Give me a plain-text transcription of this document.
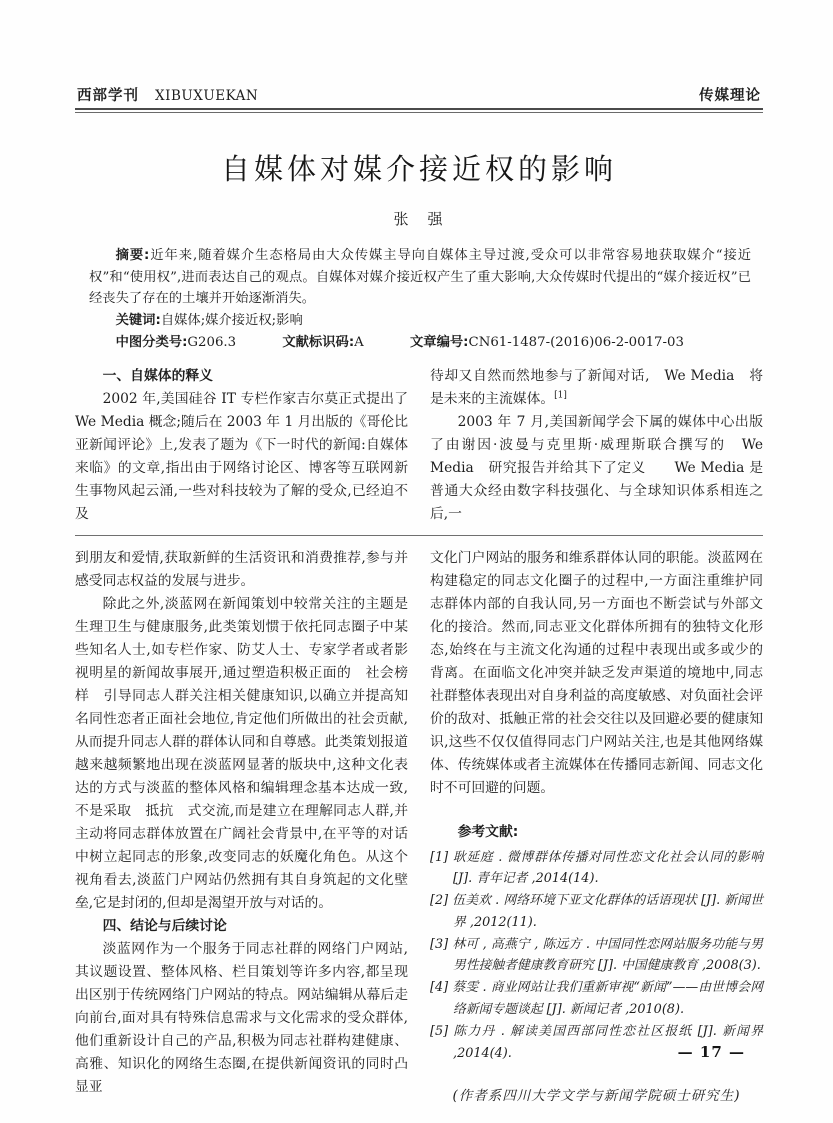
西部学刊 XIBUXUEKAN	传媒理论
自媒体对媒介接近权的影响
张　强

摘要:近年来,随着媒介生态格局由大众传媒主导向自媒体主导过渡,受众可以非常容易地获取媒介“接近权”和“使用权”,进而表达自己的观点。自媒体对媒介接近权产生了重大影响,大众传媒时代提出的“媒介接近权”已经丧失了存在的土壤并开始逐渐消失。

关键词:自媒体;媒介接近权;影响

中图分类号:G206.3	文献标识码:A	文章编号:CN61-1487-(2016)06-2-0017-03

一、自媒体的释义

2002 年,美国硅谷 IT 专栏作家吉尔莫正式提出了 We Media 概念;随后在 2003 年 1 月出版的《哥伦比亚新闻评论》上,发表了题为《下一时代的新闻:自媒体来临》的文章,指出由于网络讨论区、博客等互联网新生事物风起云涌,一些对科技较为了解的受众,已经迫不及

待却又自然而然地参与了新闻对话,　We Media　将是未来的主流媒体。[1]

2003 年 7 月,美国新闻学会下属的媒体中心出版了由谢因·波曼与克里斯·威理斯联合撰写的　We Media　研究报告并给其下了定义　　We Media 是普通大众经由数字科技强化、与全球知识体系相连之后,一

到朋友和爱情,获取新鲜的生活资讯和消费推荐,参与并感受同志权益的发展与进步。

除此之外,淡蓝网在新闻策划中较常关注的主题是生理卫生与健康服务,此类策划惯于依托同志圈子中某些知名人士,如专栏作家、防艾人士、专家学者或者影视明星的新闻故事展开,通过塑造积极正面的　社会榜样　引导同志人群关注相关健康知识,以确立并提高知名同性恋者正面社会地位,肯定他们所做出的社会贡献,从而提升同志人群的群体认同和自尊感。此类策划报道越来越频繁地出现在淡蓝网显著的版块中,这种文化表达的方式与淡蓝的整体风格和编辑理念基本达成一致,不是采取　抵抗　式交流,而是建立在理解同志人群,并主动将同志群体放置在广阔社会背景中,在平等的对话中树立起同志的形象,改变同志的妖魔化角色。从这个视角看去,淡蓝门户网站仍然拥有其自身筑起的文化壁垒,它是封闭的,但却是渴望开放与对话的。

四、结论与后续讨论

淡蓝网作为一个服务于同志社群的网络门户网站,其议题设置、整体风格、栏目策划等许多内容,都呈现出区别于传统网络门户网站的特点。网站编辑从幕后走向前台,面对具有特殊信息需求与文化需求的受众群体,他们重新设计自己的产品,积极为同志社群构建健康、高雅、知识化的网络生态圈,在提供新闻资讯的同时凸显亚

文化门户网站的服务和维系群体认同的职能。淡蓝网在构建稳定的同志文化圈子的过程中,一方面注重维护同志群体内部的自我认同,另一方面也不断尝试与外部文化的接洽。然而,同志亚文化群体所拥有的独特文化形态,始终在与主流文化沟通的过程中表现出或多或少的背离。在面临文化冲突并缺乏发声渠道的境地中,同志社群整体表现出对自身利益的高度敏感、对负面社会评价的敌对、抵触正常的社会交往以及回避必要的健康知识,这些不仅仅值得同志门户网站关注,也是其他网络媒体、传统媒体或者主流媒体在传播同志新闻、同志文化时不可回避的问题。

参考文献:

[1] 耿延庭 . 微博群体传播对同性恋文化社会认同的影响 [J]. 青年记者 ,2014(14).

[2] 伍美欢 . 网络环境下亚文化群体的话语现状 [J]. 新闻世界 ,2012(11).

[3] 林可 , 高燕宁 , 陈远方 . 中国同性恋网站服务功能与男男性接触者健康教育研究 [J]. 中国健康教育 ,2008(3).

[4] 蔡雯 . 商业网站让我们重新审视“新闻”——由世博会网络新闻专题谈起 [J]. 新闻记者 ,2010(8).

[5] 陈力丹 . 解读美国西部同性恋社区报纸 [J]. 新闻界 ,2014(4).

(作者系四川大学文学与新闻学院硕士研究生)

— 17 —
